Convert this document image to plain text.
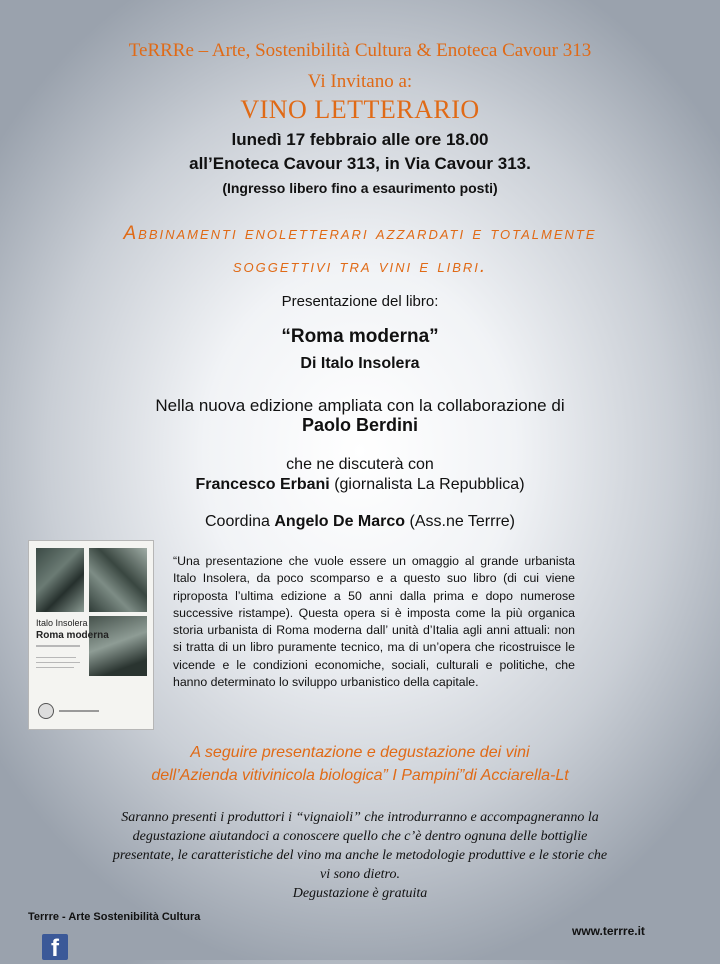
TeRRRe – Arte, Sostenibilità Cultura & Enoteca Cavour 313
Vi Invitano a:
VINO LETTERARIO
lunedì 17 febbraio alle ore 18.00
all’Enoteca Cavour 313, in Via Cavour 313.
(Ingresso libero fino a esaurimento posti)
Abbinamenti enoletterari azzardati e totalmente
soggettivi tra vini e libri.
Presentazione del libro:
“Roma moderna”
Di Italo Insolera
Nella nuova edizione ampliata con la collaborazione di
Paolo Berdini
che ne discuterà con
Francesco Erbani (giornalista La Repubblica)
Coordina Angelo De Marco (Ass.ne Terrre)
Italo Insolera
Roma moderna
“Una presentazione che vuole essere un omaggio al grande urbanista Italo Insolera, da poco scomparso e a questo suo libro (di cui viene riproposta l’ultima edizione a 50 anni dalla prima e dopo numerose successive ristampe). Questa opera si è imposta come la più organica storia urbanista di Roma moderna dall’ unità d’Italia agli anni attuali: non si tratta di un libro puramente tecnico, ma di un’opera che ricostruisce le vicende e le condizioni economiche, sociali, culturali e politiche, che hanno determinato lo sviluppo urbanistico della capitale.
A seguire presentazione e degustazione dei vini
dell’Azienda vitivinicola biologica” I Pampini”di Acciarella-Lt
Saranno presenti i produttori i “vignaioli” che introdurranno e accompagneranno la
degustazione aiutandoci a conoscere quello che c’è dentro ognuna delle bottiglie
presentate, le caratteristiche del vino ma anche le metodologie produttive e le storie che
vi sono dietro.
Degustazione è gratuita
Terrre - Arte Sostenibilità Cultura
f
www.terrre.it
